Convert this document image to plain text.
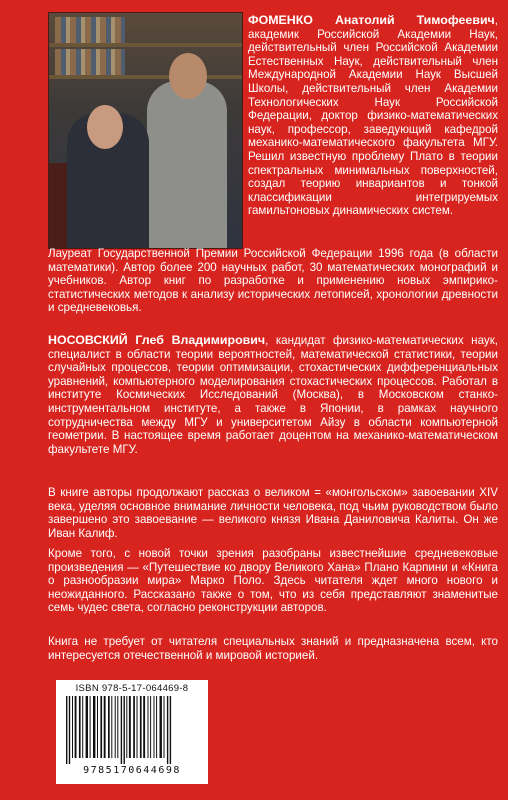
ФОМЕНКО Анатолий Тимофеевич, академик Российской Академии Наук, действительный член Российской Академии Естественных Наук, действительный член Международной Академии Наук Высшей Школы, действительный член Академии Технологических Наук Российской Федерации, доктор физико-математических наук, профессор, заведующий кафедрой механико-математического факультета МГУ. Решил известную проблему Плато в теории спектральных минимальных поверхностей, создал теорию инвариантов и тонкой классификации интегрируемых гамильтоновых динамических систем.
Лауреат Государственной Премии Российской Федерации 1996 года (в области математики). Автор более 200 научных работ, 30 математических монографий и учебников. Автор книг по разработке и применению новых эмпирико-статистических методов к анализу исторических летописей, хронологии древности и средневековья.
НОСОВСКИЙ Глеб Владимирович, кандидат физико-математических наук, специалист в области теории вероятностей, математической статистики, теории случайных процессов, теории оптимизации, стохастических дифференциальных уравнений, компьютерного моделирования стохастических процессов. Работал в институте Космических Исследований (Москва), в Московском станко-инструментальном институте, а также в Японии, в рамках научного сотрудничества между МГУ и университетом Айзу в области компьютерной геометрии. В настоящее время работает доцентом на механико-математическом факультете МГУ.
В книге авторы продолжают рассказ о великом = «монгольском» завоевании XIV века, уделяя основное внимание личности человека, под чьим руководством было завершено это завоевание — великого князя Ивана Даниловича Калиты. Он же Иван Калиф.
Кроме того, с новой точки зрения разобраны известнейшие средневековые произведения — «Путешествие ко двору Великого Хана» Плано Карпини и «Книга о разнообразии мира» Марко Поло. Здесь читателя ждет много нового и неожиданного. Рассказано также о том, что из себя представляют знаменитые семь чудес света, согласно реконструкции авторов.
Книга не требует от читателя специальных знаний и предназначена всем, кто интересуется отечественной и мировой историей.
ISBN 978-5-17-064469-8
9785170644698
